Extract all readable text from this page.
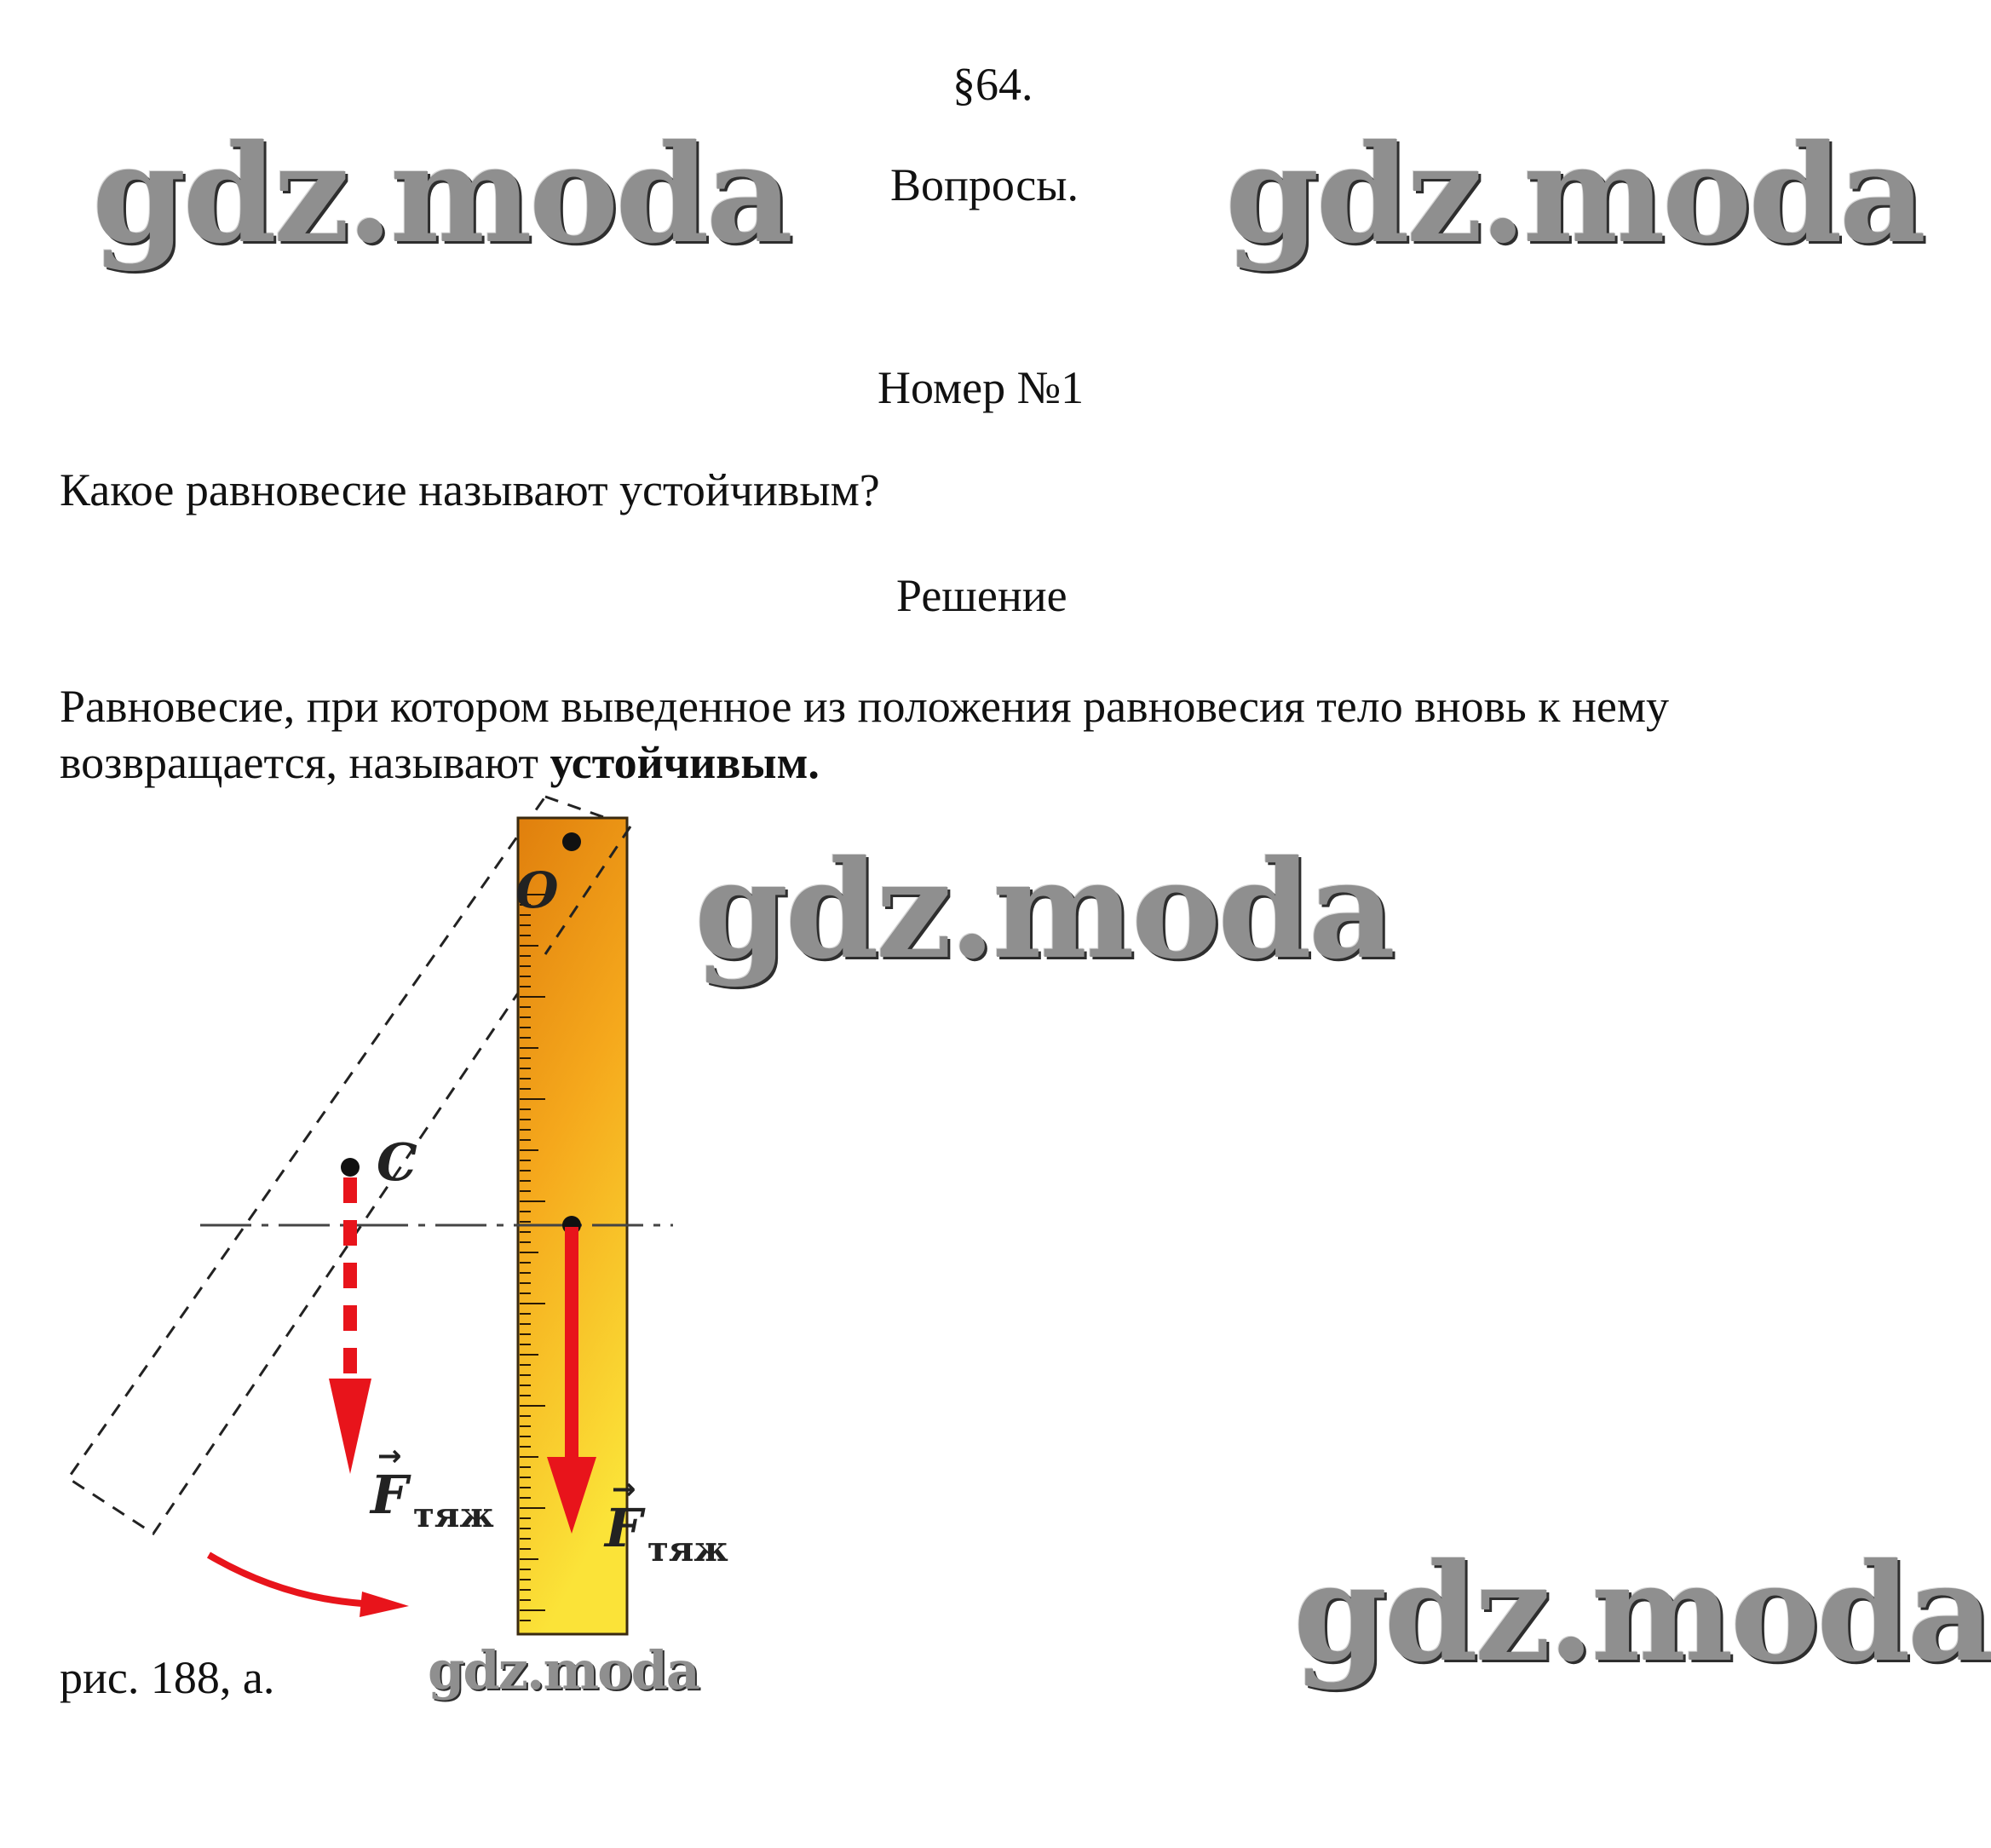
§64.
Вопросы.
gdz.moda	gdz.moda
gdz.moda
gdz.moda
gdz.moda
Номер №1
Какое равновесие называют устойчивым?
Решение
Равновесие, при котором выведенное из положения равновесия тело вновь к нему возвращается, называют устойчивым.
O
C
F
→
тяж F
→
тяж
рис. 188, а.
